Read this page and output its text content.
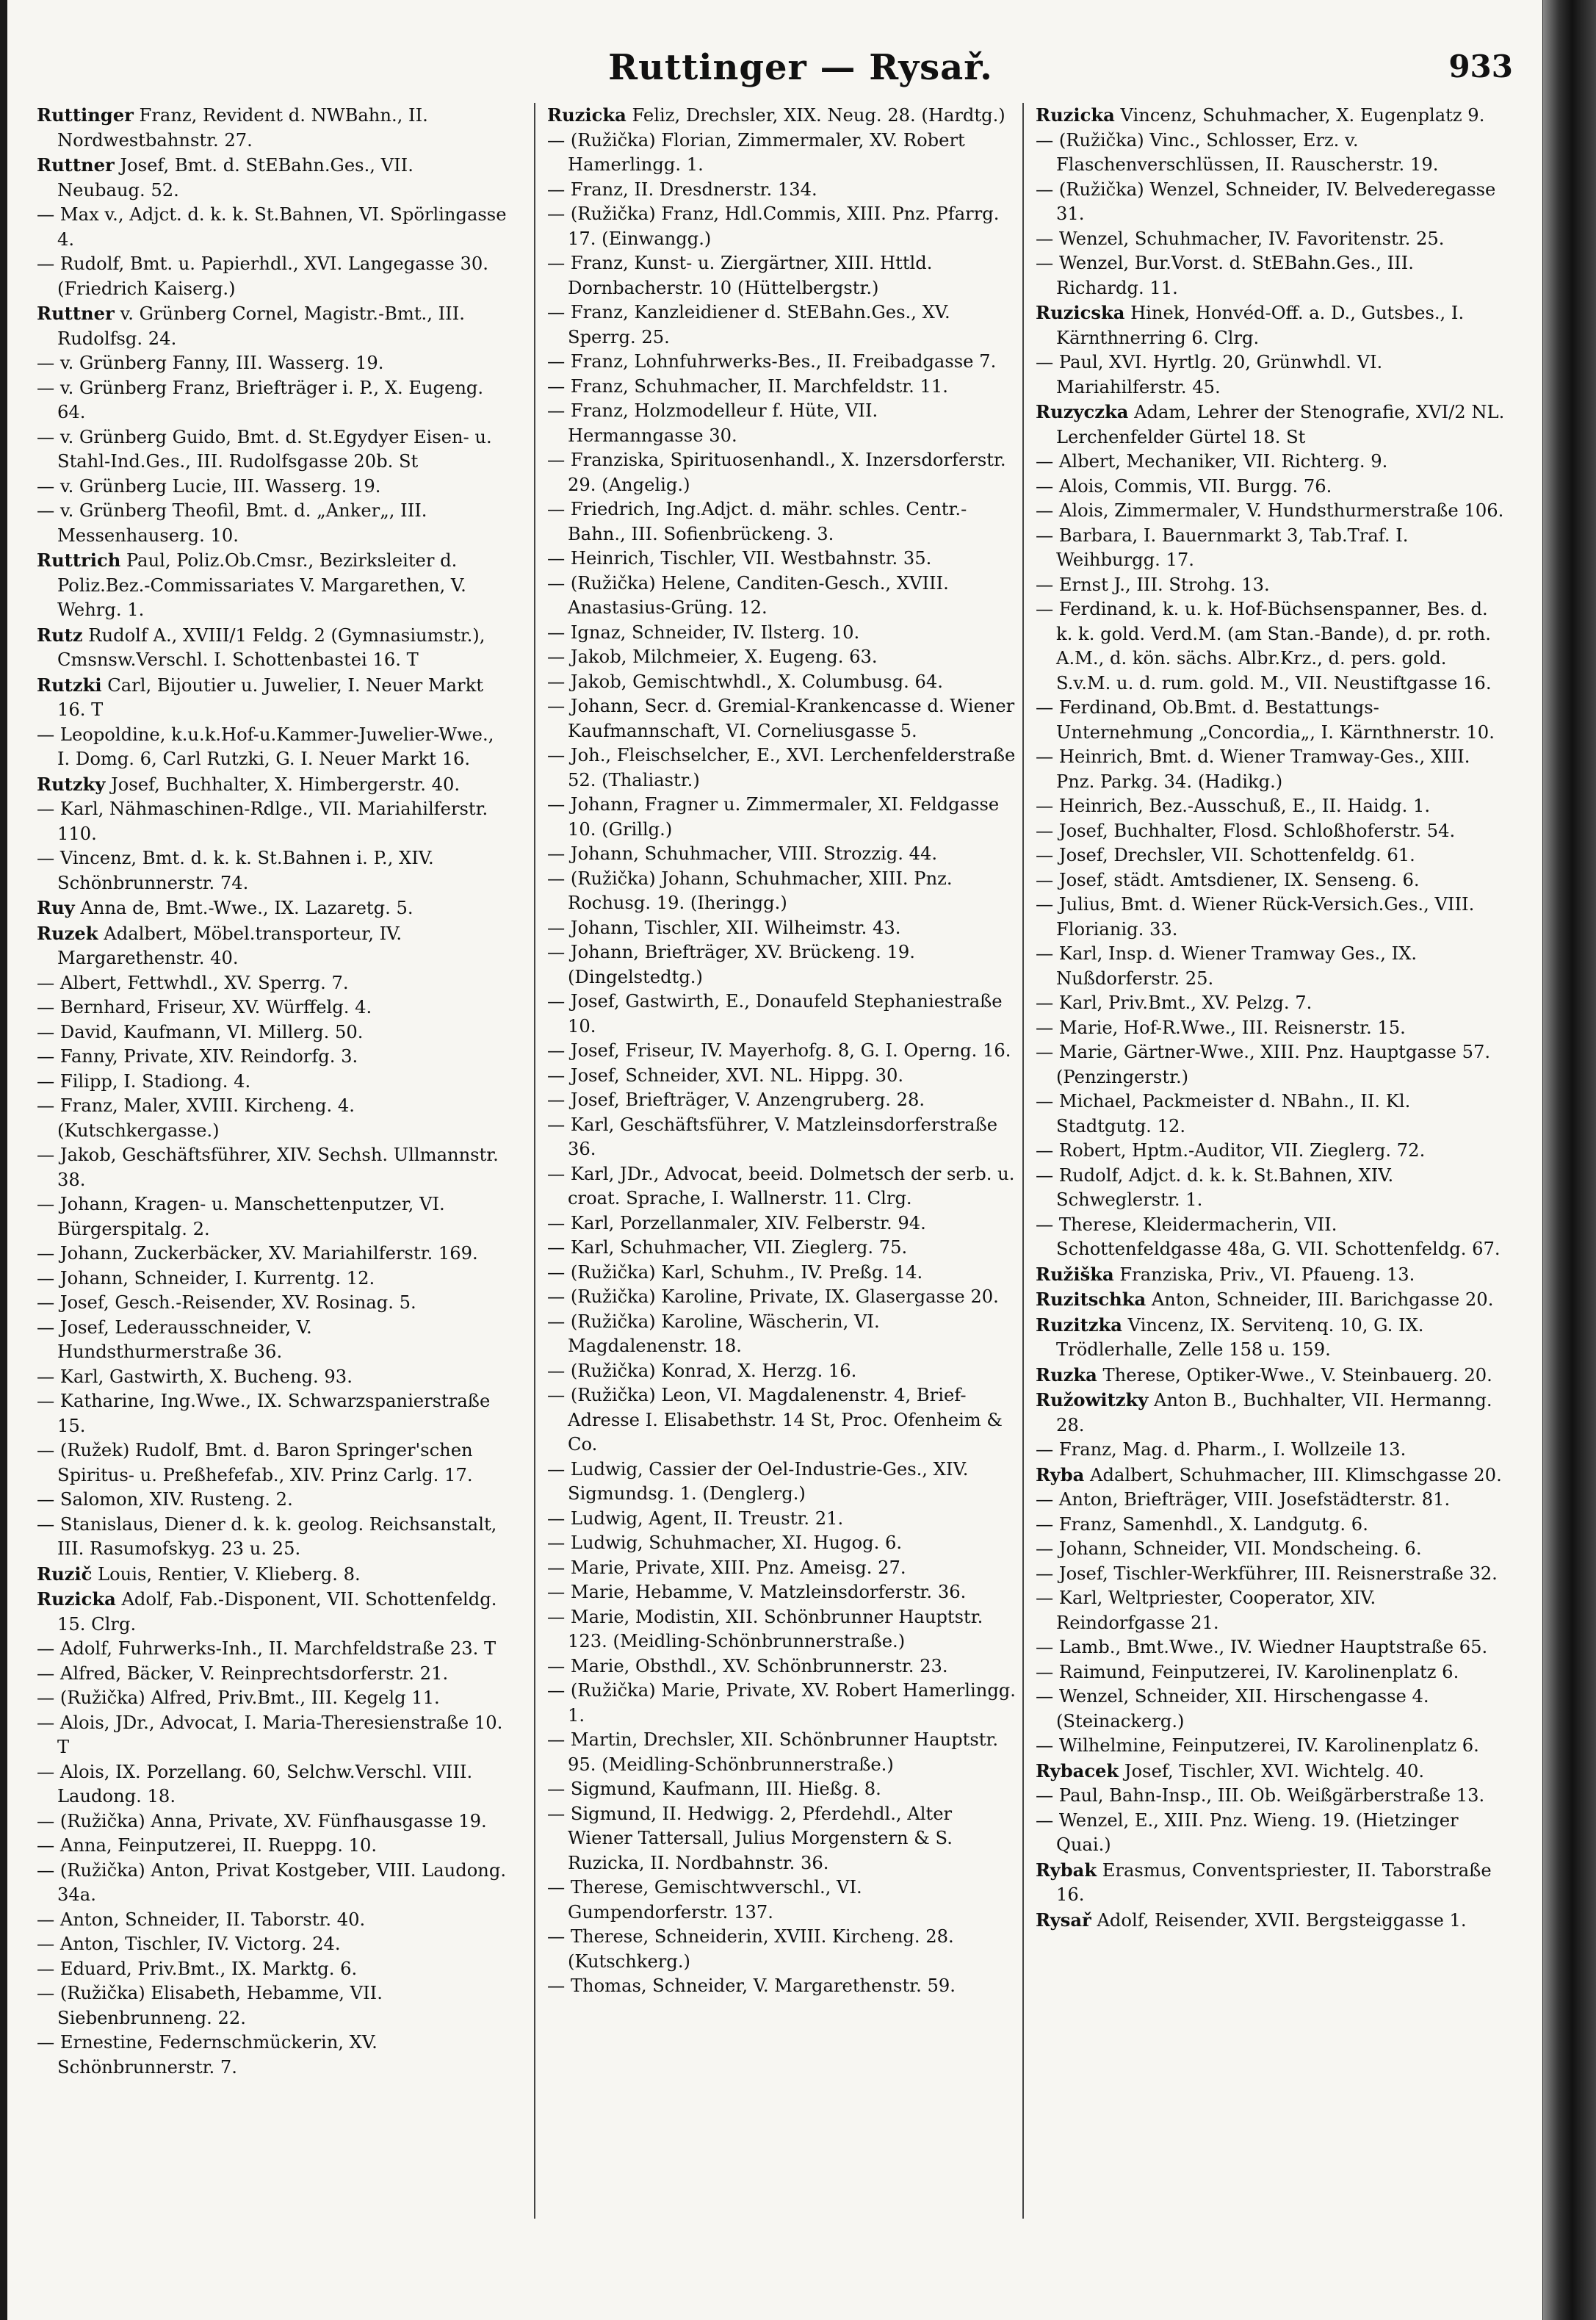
Ruttinger — Rysař.	933
Ruttinger Franz, Revident d. NWBahn., II. Nordwestbahnstr. 27.
Ruttner Josef, Bmt. d. StEBahn.Ges., VII. Neubaug. 52.
— Max v., Adjct. d. k. k. St.Bahnen, VI. Spörlingasse 4.
— Rudolf, Bmt. u. Papierhdl., XVI. Langegasse 30. (Friedrich Kaiserg.)
Ruttner v. Grünberg Cornel, Magistr.-Bmt., III. Rudolfsg. 24.
— v. Grünberg Fanny, III. Wasserg. 19.
— v. Grünberg Franz, Briefträger i. P., X. Eugeng. 64.
— v. Grünberg Guido, Bmt. d. St.Egydyer Eisen- u. Stahl-Ind.Ges., III. Rudolfsgasse 20b. St
— v. Grünberg Lucie, III. Wasserg. 19.
— v. Grünberg Theofil, Bmt. d. „Anker„, III. Messenhauserg. 10.
Ruttrich Paul, Poliz.Ob.Cmsr., Bezirksleiter d. Poliz.Bez.-Commissariates V. Margarethen, V. Wehrg. 1.
Rutz Rudolf A., XVIII/1 Feldg. 2 (Gymnasiumstr.), Cmsnsw.Verschl. I. Schottenbastei 16. T
Rutzki Carl, Bijoutier u. Juwelier, I. Neuer Markt 16. T
— Leopoldine, k.u.k.Hof-u.Kammer-Juwelier-Wwe., I. Domg. 6, Carl Rutzki, G. I. Neuer Markt 16.
Rutzky Josef, Buchhalter, X. Himbergerstr. 40.
— Karl, Nähmaschinen-Rdlge., VII. Mariahilferstr. 110.
— Vincenz, Bmt. d. k. k. St.Bahnen i. P., XIV. Schönbrunnerstr. 74.
Ruy Anna de, Bmt.-Wwe., IX. Lazaretg. 5.
Ruzek Adalbert, Möbel.transporteur, IV. Margarethenstr. 40.
— Albert, Fettwhdl., XV. Sperrg. 7.
— Bernhard, Friseur, XV. Würffelg. 4.
— David, Kaufmann, VI. Millerg. 50.
— Fanny, Private, XIV. Reindorfg. 3.
— Filipp, I. Stadiong. 4.
— Franz, Maler, XVIII. Kircheng. 4. (Kutschkergasse.)
— Jakob, Geschäftsführer, XIV. Sechsh. Ullmannstr. 38.
— Johann, Kragen- u. Manschettenputzer, VI. Bürgerspitalg. 2.
— Johann, Zuckerbäcker, XV. Mariahilferstr. 169.
— Johann, Schneider, I. Kurrentg. 12.
— Josef, Gesch.-Reisender, XV. Rosinag. 5.
— Josef, Lederausschneider, V. Hundsthurmerstraße 36.
— Karl, Gastwirth, X. Bucheng. 93.
— Katharine, Ing.Wwe., IX. Schwarzspanierstraße 15.
— (Ružek) Rudolf, Bmt. d. Baron Springer'schen Spiritus- u. Preßhefefab., XIV. Prinz Carlg. 17.
— Salomon, XIV. Rusteng. 2.
— Stanislaus, Diener d. k. k. geolog. Reichsanstalt, III. Rasumofskyg. 23 u. 25.
Ruzič Louis, Rentier, V. Klieberg. 8.
Ruzicka Adolf, Fab.-Disponent, VII. Schottenfeldg. 15. Clrg.
— Adolf, Fuhrwerks-Inh., II. Marchfeldstraße 23. T
— Alfred, Bäcker, V. Reinprechtsdorferstr. 21.
— (Ružička) Alfred, Priv.Bmt., III. Kegelg 11.
— Alois, JDr., Advocat, I. Maria-Theresienstraße 10. T
— Alois, IX. Porzellang. 60, Selchw.Verschl. VIII. Laudong. 18.
— (Ružička) Anna, Private, XV. Fünfhausgasse 19.
— Anna, Feinputzerei, II. Rueppg. 10.
— (Ružička) Anton, Privat Kostgeber, VIII. Laudong. 34a.
— Anton, Schneider, II. Taborstr. 40.
— Anton, Tischler, IV. Victorg. 24.
— Eduard, Priv.Bmt., IX. Marktg. 6.
— (Ružička) Elisabeth, Hebamme, VII. Siebenbrunneng. 22.
— Ernestine, Federnschmückerin, XV. Schönbrunnerstr. 7.
Ruzicka Feliz, Drechsler, XIX. Neug. 28. (Hardtg.)
— (Ružička) Florian, Zimmermaler, XV. Robert Hamerlingg. 1.
— Franz, II. Dresdnerstr. 134.
— (Ružička) Franz, Hdl.Commis, XIII. Pnz. Pfarrg. 17. (Einwangg.)
— Franz, Kunst- u. Ziergärtner, XIII. Httld. Dornbacherstr. 10 (Hüttelbergstr.)
— Franz, Kanzleidiener d. StEBahn.Ges., XV. Sperrg. 25.
— Franz, Lohnfuhrwerks-Bes., II. Freibadgasse 7.
— Franz, Schuhmacher, II. Marchfeldstr. 11.
— Franz, Holzmodelleur f. Hüte, VII. Hermanngasse 30.
— Franziska, Spirituosenhandl., X. Inzersdorferstr. 29. (Angelig.)
— Friedrich, Ing.Adjct. d. mähr. schles. Centr.-Bahn., III. Sofienbrückeng. 3.
— Heinrich, Tischler, VII. Westbahnstr. 35.
— (Ružička) Helene, Canditen-Gesch., XVIII. Anastasius-Grüng. 12.
— Ignaz, Schneider, IV. Ilsterg. 10.
— Jakob, Milchmeier, X. Eugeng. 63.
— Jakob, Gemischtwhdl., X. Columbusg. 64.
— Johann, Secr. d. Gremial-Krankencasse d. Wiener Kaufmannschaft, VI. Corneliusgasse 5.
— Joh., Fleischselcher, E., XVI. Lerchenfelderstraße 52. (Thaliastr.)
— Johann, Fragner u. Zimmermaler, XI. Feldgasse 10. (Grillg.)
— Johann, Schuhmacher, VIII. Strozzig. 44.
— (Ružička) Johann, Schuhmacher, XIII. Pnz. Rochusg. 19. (Iheringg.)
— Johann, Tischler, XII. Wilheimstr. 43.
— Johann, Briefträger, XV. Brückeng. 19. (Dingelstedtg.)
— Josef, Gastwirth, E., Donaufeld Stephaniestraße 10.
— Josef, Friseur, IV. Mayerhofg. 8, G. I. Operng. 16.
— Josef, Schneider, XVI. NL. Hippg. 30.
— Josef, Briefträger, V. Anzengruberg. 28.
— Karl, Geschäftsführer, V. Matzleinsdorferstraße 36.
— Karl, JDr., Advocat, beeid. Dolmetsch der serb. u. croat. Sprache, I. Wallnerstr. 11. Clrg.
— Karl, Porzellanmaler, XIV. Felberstr. 94.
— Karl, Schuhmacher, VII. Zieglerg. 75.
— (Ružička) Karl, Schuhm., IV. Preßg. 14.
— (Ružička) Karoline, Private, IX. Glasergasse 20.
— (Ružička) Karoline, Wäscherin, VI. Magdalenenstr. 18.
— (Ružička) Konrad, X. Herzg. 16.
— (Ružička) Leon, VI. Magdalenenstr. 4, Brief-Adresse I. Elisabethstr. 14 St, Proc. Ofenheim & Co.
— Ludwig, Cassier der Oel-Industrie-Ges., XIV. Sigmundsg. 1. (Denglerg.)
— Ludwig, Agent, II. Treustr. 21.
— Ludwig, Schuhmacher, XI. Hugog. 6.
— Marie, Private, XIII. Pnz. Ameisg. 27.
— Marie, Hebamme, V. Matzleinsdorferstr. 36.
— Marie, Modistin, XII. Schönbrunner Hauptstr. 123. (Meidling-Schönbrunnerstraße.)
— Marie, Obsthdl., XV. Schönbrunnerstr. 23.
— (Ružička) Marie, Private, XV. Robert Hamerlingg. 1.
— Martin, Drechsler, XII. Schönbrunner Hauptstr. 95. (Meidling-Schönbrunnerstraße.)
— Sigmund, Kaufmann, III. Hießg. 8.
— Sigmund, II. Hedwigg. 2, Pferdehdl., Alter Wiener Tattersall, Julius Morgenstern & S. Ruzicka, II. Nordbahnstr. 36.
— Therese, Gemischtwverschl., VI. Gumpendorferstr. 137.
— Therese, Schneiderin, XVIII. Kircheng. 28. (Kutschkerg.)
— Thomas, Schneider, V. Margarethenstr. 59.
Ruzicka Vincenz, Schuhmacher, X. Eugenplatz 9.
— (Ružička) Vinc., Schlosser, Erz. v. Flaschenverschlüssen, II. Rauscherstr. 19.
— (Ružička) Wenzel, Schneider, IV. Belvederegasse 31.
— Wenzel, Schuhmacher, IV. Favoritenstr. 25.
— Wenzel, Bur.Vorst. d. StEBahn.Ges., III. Richardg. 11.
Ruzicska Hinek, Honvéd-Off. a. D., Gutsbes., I. Kärnthnerring 6. Clrg.
— Paul, XVI. Hyrtlg. 20, Grünwhdl. VI. Mariahilferstr. 45.
Ruzyczka Adam, Lehrer der Stenografie, XVI/2 NL. Lerchenfelder Gürtel 18. St
— Albert, Mechaniker, VII. Richterg. 9.
— Alois, Commis, VII. Burgg. 76.
— Alois, Zimmermaler, V. Hundsthurmerstraße 106.
— Barbara, I. Bauernmarkt 3, Tab.Traf. I. Weihburgg. 17.
— Ernst J., III. Strohg. 13.
— Ferdinand, k. u. k. Hof-Büchsenspanner, Bes. d. k. k. gold. Verd.M. (am Stan.-Bande), d. pr. roth. A.M., d. kön. sächs. Albr.Krz., d. pers. gold. S.v.M. u. d. rum. gold. M., VII. Neustiftgasse 16.
— Ferdinand, Ob.Bmt. d. Bestattungs-Unternehmung „Concordia„, I. Kärnthnerstr. 10.
— Heinrich, Bmt. d. Wiener Tramway-Ges., XIII. Pnz. Parkg. 34. (Hadikg.)
— Heinrich, Bez.-Ausschuß, E., II. Haidg. 1.
— Josef, Buchhalter, Flosd. Schloßhoferstr. 54.
— Josef, Drechsler, VII. Schottenfeldg. 61.
— Josef, städt. Amtsdiener, IX. Senseng. 6.
— Julius, Bmt. d. Wiener Rück-Versich.Ges., VIII. Florianig. 33.
— Karl, Insp. d. Wiener Tramway Ges., IX. Nußdorferstr. 25.
— Karl, Priv.Bmt., XV. Pelzg. 7.
— Marie, Hof-R.Wwe., III. Reisnerstr. 15.
— Marie, Gärtner-Wwe., XIII. Pnz. Hauptgasse 57. (Penzingerstr.)
— Michael, Packmeister d. NBahn., II. Kl. Stadtgutg. 12.
— Robert, Hptm.-Auditor, VII. Zieglerg. 72.
— Rudolf, Adjct. d. k. k. St.Bahnen, XIV. Schweglerstr. 1.
— Therese, Kleidermacherin, VII. Schottenfeldgasse 48a, G. VII. Schottenfeldg. 67.
Ružiška Franziska, Priv., VI. Pfaueng. 13.
Ruzitschka Anton, Schneider, III. Barichgasse 20.
Ruzitzka Vincenz, IX. Servitenq. 10, G. IX. Trödlerhalle, Zelle 158 u. 159.
Ruzka Therese, Optiker-Wwe., V. Steinbauerg. 20.
Ružowitzky Anton B., Buchhalter, VII. Hermanng. 28.
— Franz, Mag. d. Pharm., I. Wollzeile 13.
Ryba Adalbert, Schuhmacher, III. Klimschgasse 20.
— Anton, Briefträger, VIII. Josefstädterstr. 81.
— Franz, Samenhdl., X. Landgutg. 6.
— Johann, Schneider, VII. Mondscheing. 6.
— Josef, Tischler-Werkführer, III. Reisnerstraße 32.
— Karl, Weltpriester, Cooperator, XIV. Reindorfgasse 21.
— Lamb., Bmt.Wwe., IV. Wiedner Hauptstraße 65.
— Raimund, Feinputzerei, IV. Karolinenplatz 6.
— Wenzel, Schneider, XII. Hirschengasse 4. (Steinackerg.)
— Wilhelmine, Feinputzerei, IV. Karolinenplatz 6.
Rybacek Josef, Tischler, XVI. Wichtelg. 40.
— Paul, Bahn-Insp., III. Ob. Weißgärberstraße 13.
— Wenzel, E., XIII. Pnz. Wieng. 19. (Hietzinger Quai.)
Rybak Erasmus, Conventspriester, II. Taborstraße 16.
Rysař Adolf, Reisender, XVII. Bergsteiggasse 1.
